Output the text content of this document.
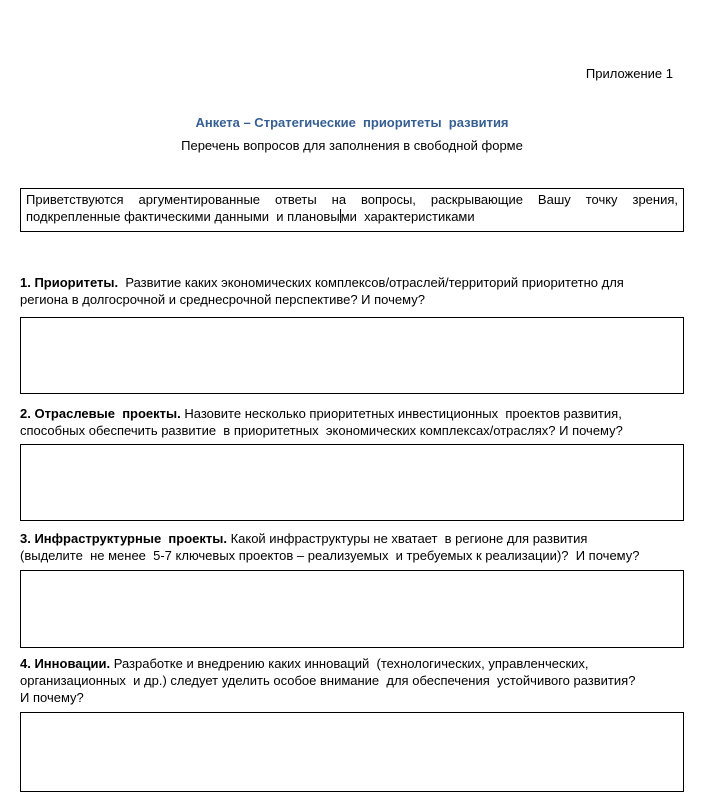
Приложение 1
Анкета – Стратегические  приоритеты  развития
Перечень вопросов для заполнения в свободной форме
Приветствуются аргументированные ответы на вопросы, раскрывающие Вашу точку зрения,
подкрепленные фактическими данными  и плановыми  характеристиками
1. Приоритеты.  Развитие каких экономических комплексов/отраслей/территорий приоритетно для
региона в долгосрочной и среднесрочной перспективе? И почему?
2. Отраслевые  проекты. Назовите несколько приоритетных инвестиционных  проектов развития,
способных обеспечить развитие  в приоритетных  экономических комплексах/отраслях? И почему?
3. Инфраструктурные  проекты. Какой инфраструктуры не хватает  в регионе для развития
(выделите  не менее  5-7 ключевых проектов – реализуемых  и требуемых к реализации)?  И почему?
4. Инновации. Разработке и внедрению каких инноваций  (технологических, управленческих,
организационных  и др.) следует уделить особое внимание  для обеспечения  устойчивого развития?
И почему?
